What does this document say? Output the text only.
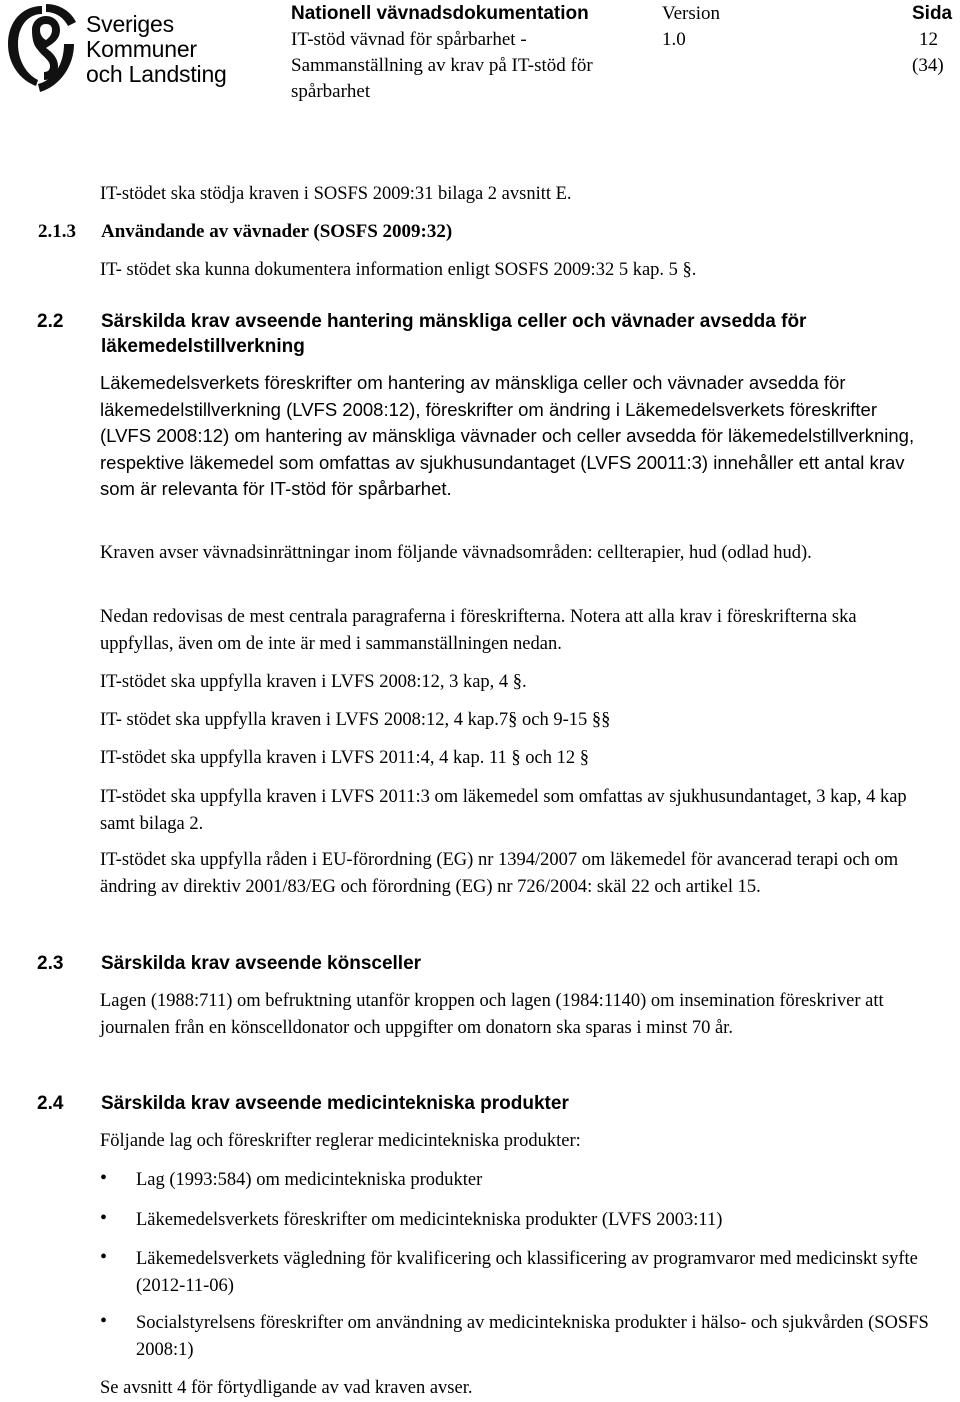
Sveriges
Kommuner
och Landsting
Nationell vävnadsdokumentation
IT-stöd vävnad för spårbarhet -
Sammanställning av krav på IT-stöd för
spårbarhet
Version
1.0
Sida
12
(34)
IT-stödet ska stödja kraven i SOSFS 2009:31 bilaga 2 avsnitt E.
2.1.3 Användande av vävnader (SOSFS 2009:32)
IT- stödet ska kunna dokumentera information enligt SOSFS 2009:32 5 kap. 5 §.
2.2 Särskilda krav avseende hantering mänskliga celler och vävnader avsedda för läkemedelstillverkning
Läkemedelsverkets föreskrifter om hantering av mänskliga celler och vävnader avsedda för läkemedelstillverkning (LVFS 2008:12), föreskrifter om ändring i Läkemedelsverkets föreskrifter (LVFS 2008:12) om hantering av mänskliga vävnader och celler avsedda för läkemedelstillverkning, respektive läkemedel som omfattas av sjukhusundantaget (LVFS 20011:3) innehåller ett antal krav som är relevanta för IT-stöd för spårbarhet.
Kraven avser vävnadsinrättningar inom följande vävnadsområden: cellterapier, hud (odlad hud).
Nedan redovisas de mest centrala paragraferna i föreskrifterna. Notera att alla krav i föreskrifterna ska uppfyllas, även om de inte är med i sammanställningen nedan.
IT-stödet ska uppfylla kraven i LVFS 2008:12, 3 kap, 4 §.
IT- stödet ska uppfylla kraven i LVFS 2008:12, 4 kap.7§ och 9-15 §§
IT-stödet ska uppfylla kraven i LVFS 2011:4, 4 kap. 11 § och 12 §
IT-stödet ska uppfylla kraven i LVFS 2011:3 om läkemedel som omfattas av sjukhusundantaget, 3 kap, 4 kap samt bilaga 2.
IT-stödet ska uppfylla råden i EU-förordning (EG) nr 1394/2007 om läkemedel för avancerad terapi och om ändring av direktiv 2001/83/EG och förordning (EG) nr 726/2004: skäl 22 och artikel 15.
2.3 Särskilda krav avseende könsceller
Lagen (1988:711) om befruktning utanför kroppen och lagen (1984:1140) om insemination föreskriver att journalen från en könscelldonator och uppgifter om donatorn ska sparas i minst 70 år.
2.4 Särskilda krav avseende medicintekniska produkter
Följande lag och föreskrifter reglerar medicintekniska produkter:
• Lag (1993:584) om medicintekniska produkter
• Läkemedelsverkets föreskrifter om medicintekniska produkter (LVFS 2003:11)
• Läkemedelsverkets vägledning för kvalificering och klassificering av programvaror med medicinskt syfte (2012-11-06)
• Socialstyrelsens föreskrifter om användning av medicintekniska produkter i hälso- och sjukvården (SOSFS 2008:1)
Se avsnitt 4 för förtydligande av vad kraven avser.
